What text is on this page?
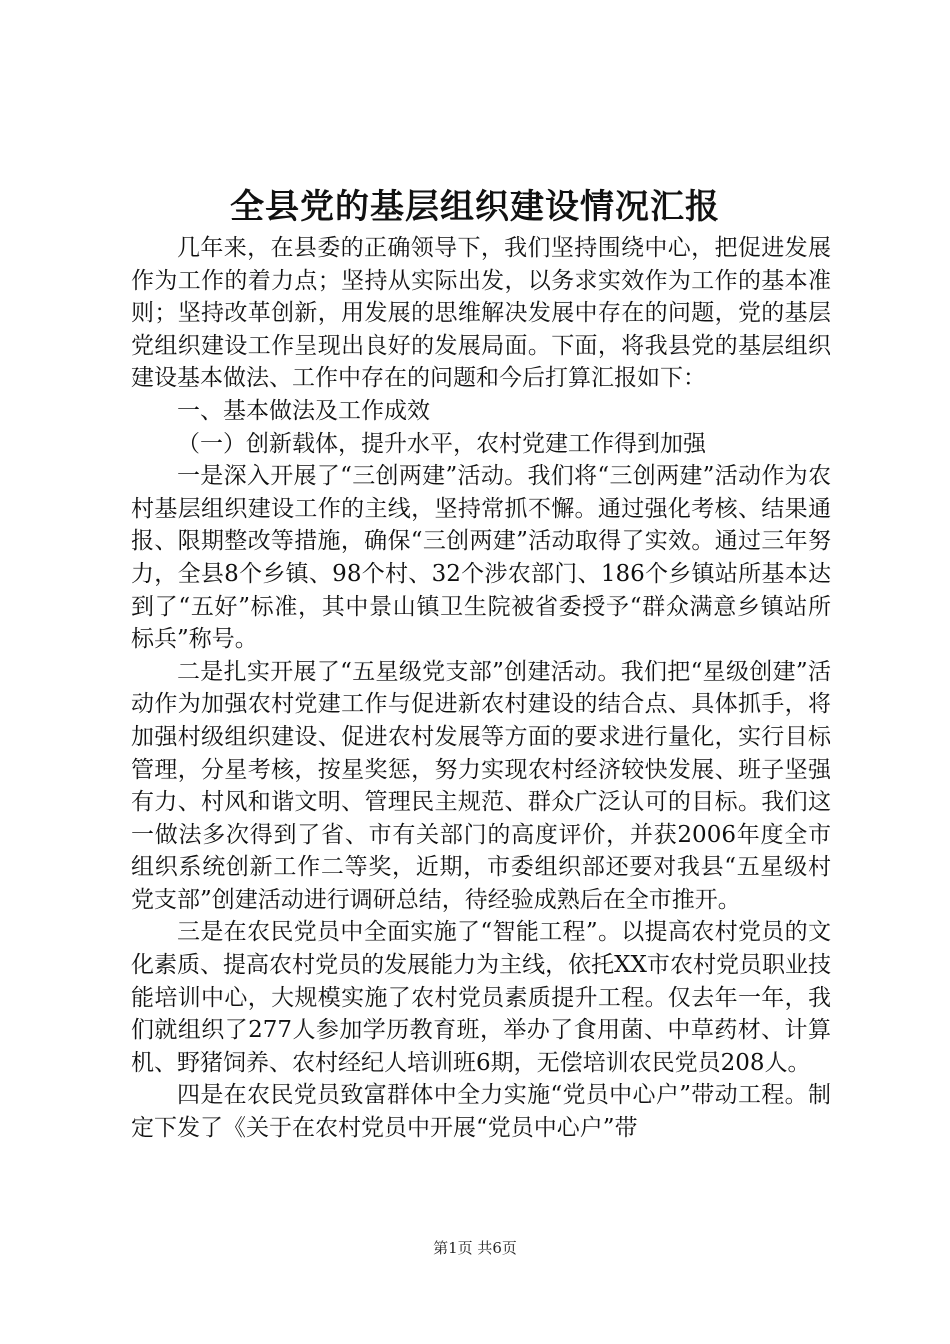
全县党的基层组织建设情况汇报

几年来，在县委的正确领导下，我们坚持围绕中心，把促进发展作为工作的着力点；坚持从实际出发，以务求实效作为工作的基本准则；坚持改革创新，用发展的思维解决发展中存在的问题，党的基层党组织建设工作呈现出良好的发展局面。下面，将我县党的基层组织建设基本做法、工作中存在的问题和今后打算汇报如下：

一、基本做法及工作成效

（一）创新载体，提升水平，农村党建工作得到加强

一是深入开展了“三创两建”活动。我们将“三创两建”活动作为农村基层组织建设工作的主线，坚持常抓不懈。通过强化考核、结果通报、限期整改等措施，确保“三创两建”活动取得了实效。通过三年努力，全县8个乡镇、98个村、32个涉农部门、186个乡镇站所基本达到了“五好”标准，其中景山镇卫生院被省委授予“群众满意乡镇站所标兵”称号。

二是扎实开展了“五星级党支部”创建活动。我们把“星级创建”活动作为加强农村党建工作与促进新农村建设的结合点、具体抓手，将加强村级组织建设、促进农村发展等方面的要求进行量化，实行目标管理，分星考核，按星奖惩，努力实现农村经济较快发展、班子坚强有力、村风和谐文明、管理民主规范、群众广泛认可的目标。我们这一做法多次得到了省、市有关部门的高度评价，并获2006年度全市组织系统创新工作二等奖，近期，市委组织部还要对我县“五星级村党支部”创建活动进行调研总结，待经验成熟后在全市推开。

三是在农民党员中全面实施了“智能工程”。以提高农村党员的文化素质、提高农村党员的发展能力为主线，依托XX市农村党员职业技能培训中心，大规模实施了农村党员素质提升工程。仅去年一年，我们就组织了277人参加学历教育班，举办了食用菌、中草药材、计算机、野猪饲养、农村经纪人培训班6期，无偿培训农民党员208人。

四是在农民党员致富群体中全力实施“党员中心户”带动工程。制定下发了《关于在农村党员中开展“党员中心户”带

第1页 共6页
